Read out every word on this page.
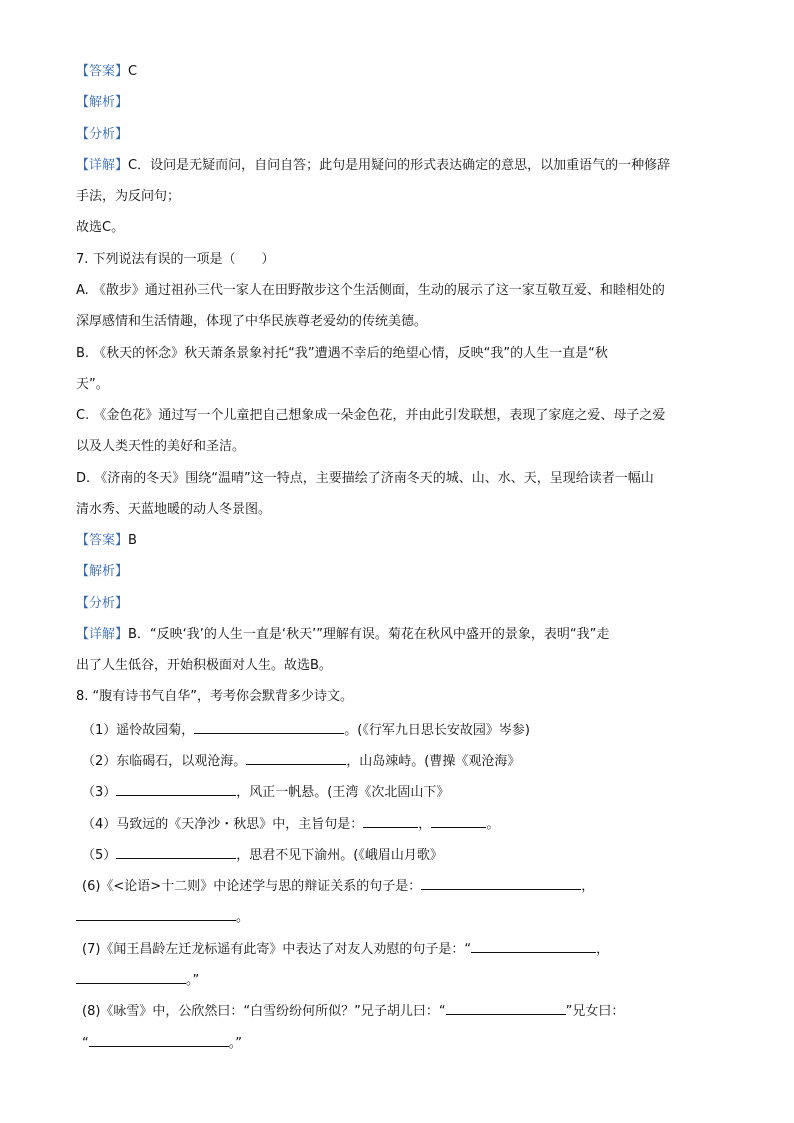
【答案】C
【解析】
【分析】
【详解】C．设问是无疑而问，自问自答；此句是用疑问的形式表达确定的意思，以加重语气的一种修辞
手法，为反问句；
故选C。
7. 下列说法有误的一项是（　　）
A. 《散步》通过祖孙三代一家人在田野散步这个生活侧面，生动的展示了这一家互敬互爱、和睦相处的
深厚感情和生活情趣，体现了中华民族尊老爱幼的传统美德。
B. 《秋天的怀念》秋天萧条景象衬托“我”遭遇不幸后的绝望心情，反映“我”的人生一直是“秋
天”。
C. 《金色花》通过写一个儿童把自己想象成一朵金色花，并由此引发联想，表现了家庭之爱、母子之爱
以及人类天性的美好和圣洁。
D. 《济南的冬天》围绕“温晴”这一特点，主要描绘了济南冬天的城、山、水、天，呈现给读者一幅山
清水秀、天蓝地暖的动人冬景图。
【答案】B
【解析】
【分析】
【详解】B．“反映‘我’的人生一直是‘秋天’”理解有误。菊花在秋风中盛开的景象，表明“我”走
出了人生低谷，开始积极面对人生。故选B。
8. “腹有诗书气自华”，考考你会默背多少诗文。
（1）遥怜故园菊，	。(《行军九日思长安故园》岑参)
（2）东临碣石，以观沧海。	，山岛竦峙。(曹操《观沧海》
（3）	，风正一帆悬。(王湾《次北固山下》
（4）马致远的《天净沙・秋思》中，主旨句是：	，	。
（5）	，思君不见下渝州。(《峨眉山月歌》
(6)《<论语>十二则》中论述学与思的辩证关系的句子是：	，
。
(7)《闻王昌龄左迁龙标遥有此寄》中表达了对友人劝慰的句子是：“	，
。”
(8)《咏雪》中，公欣然曰：“白雪纷纷何所似？”兄子胡儿曰：“	”兄女曰：
“	。”
